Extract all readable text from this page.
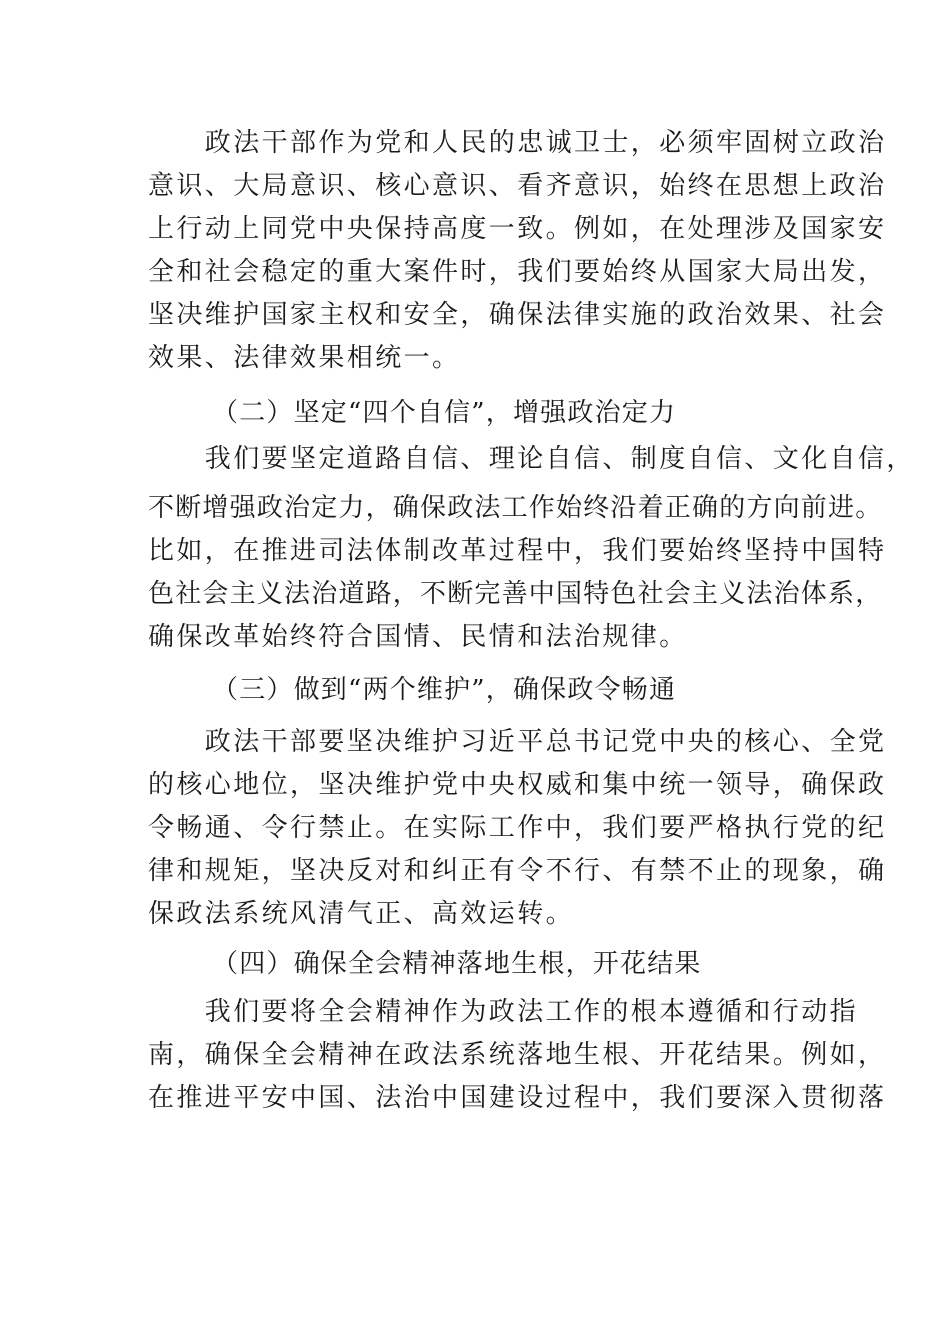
　　政法干部作为党和人民的忠诚卫士，必须牢固树立政治
意识、大局意识、核心意识、看齐意识，始终在思想上政治
上行动上同党中央保持高度一致。例如，在处理涉及国家安
全和社会稳定的重大案件时，我们要始终从国家大局出发，
坚决维护国家主权和安全，确保法律实施的政治效果、社会
效果、法律效果相统一。
（二）坚定“四个自信”，增强政治定力
　　我们要坚定道路自信、理论自信、制度自信、文化自信，
不断增强政治定力，确保政法工作始终沿着正确的方向前进。
比如，在推进司法体制改革过程中，我们要始终坚持中国特
色社会主义法治道路，不断完善中国特色社会主义法治体系，
确保改革始终符合国情、民情和法治规律。
（三）做到“两个维护”，确保政令畅通
　　政法干部要坚决维护习近平总书记党中央的核心、全党
的核心地位，坚决维护党中央权威和集中统一领导，确保政
令畅通、令行禁止。在实际工作中，我们要严格执行党的纪
律和规矩，坚决反对和纠正有令不行、有禁不止的现象，确
保政法系统风清气正、高效运转。
（四）确保全会精神落地生根，开花结果
　　我们要将全会精神作为政法工作的根本遵循和行动指
南，确保全会精神在政法系统落地生根、开花结果。例如，
在推进平安中国、法治中国建设过程中，我们要深入贯彻落
